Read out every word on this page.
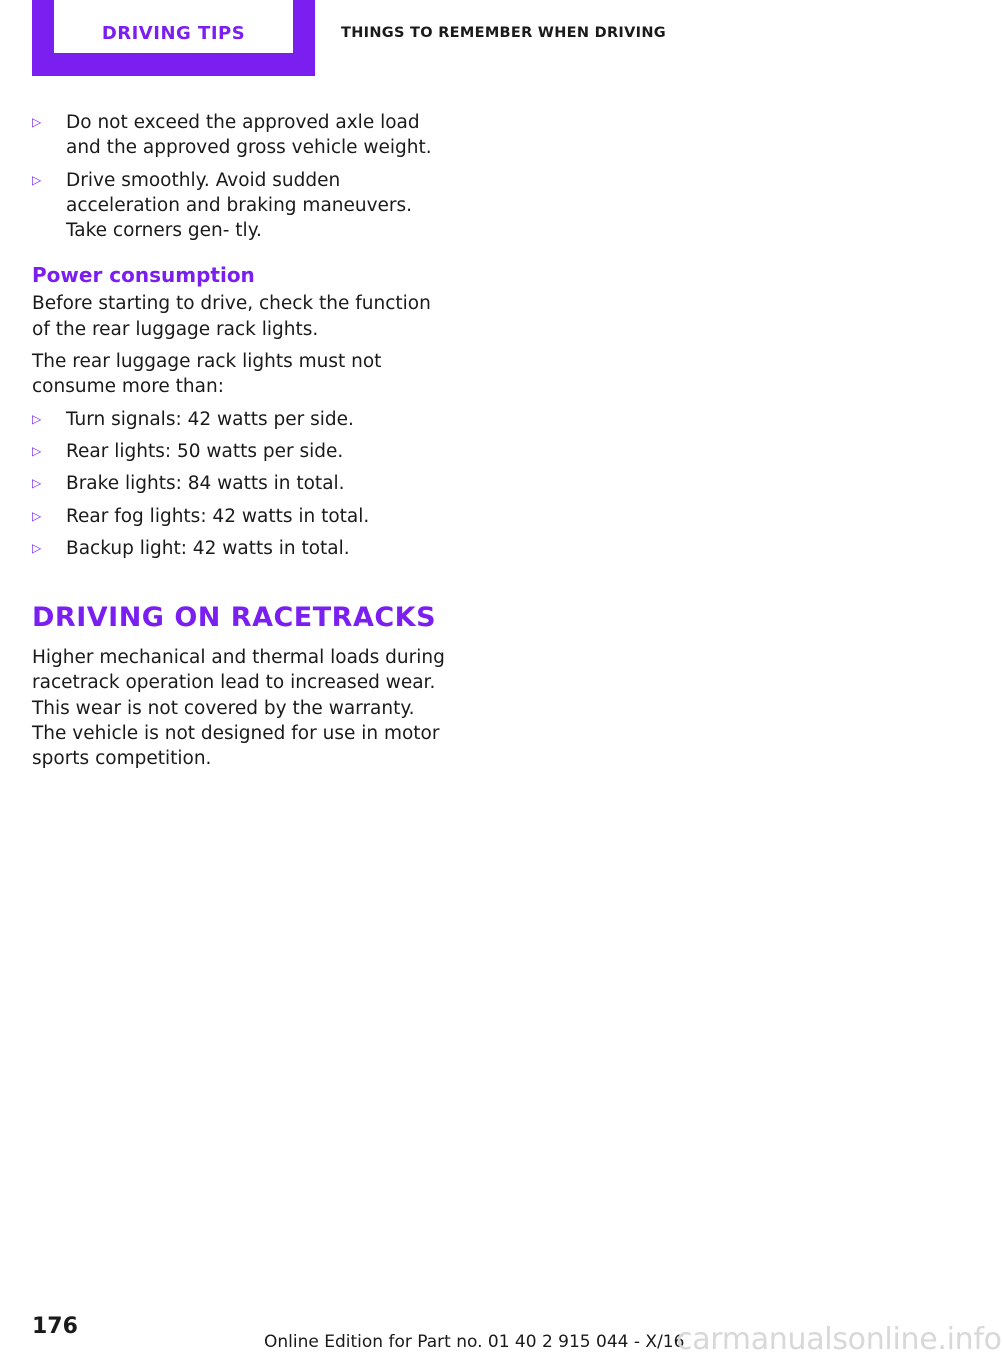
DRIVING TIPS	THINGS TO REMEMBER WHEN DRIVING
▷	Do not exceed the approved axle load and the approved gross vehicle weight.
▷	Drive smoothly. Avoid sudden acceleration and braking maneuvers. Take corners gen‐ tly.
Power consumption

Before starting to drive, check the function of the rear luggage rack lights.

The rear luggage rack lights must not consume more than:

▷	Turn signals: 42 watts per side.
▷	Rear lights: 50 watts per side.
▷	Brake lights: 84 watts in total.
▷	Rear fog lights: 42 watts in total.
▷	Backup light: 42 watts in total.
DRIVING ON RACETRACKS

Higher mechanical and thermal loads during racetrack operation lead to increased wear. This wear is not covered by the warranty. The vehicle is not designed for use in motor sports competition.

176
Online Edition for Part no. 01 40 2 915 044 - X/16
carmanualsonline.info
